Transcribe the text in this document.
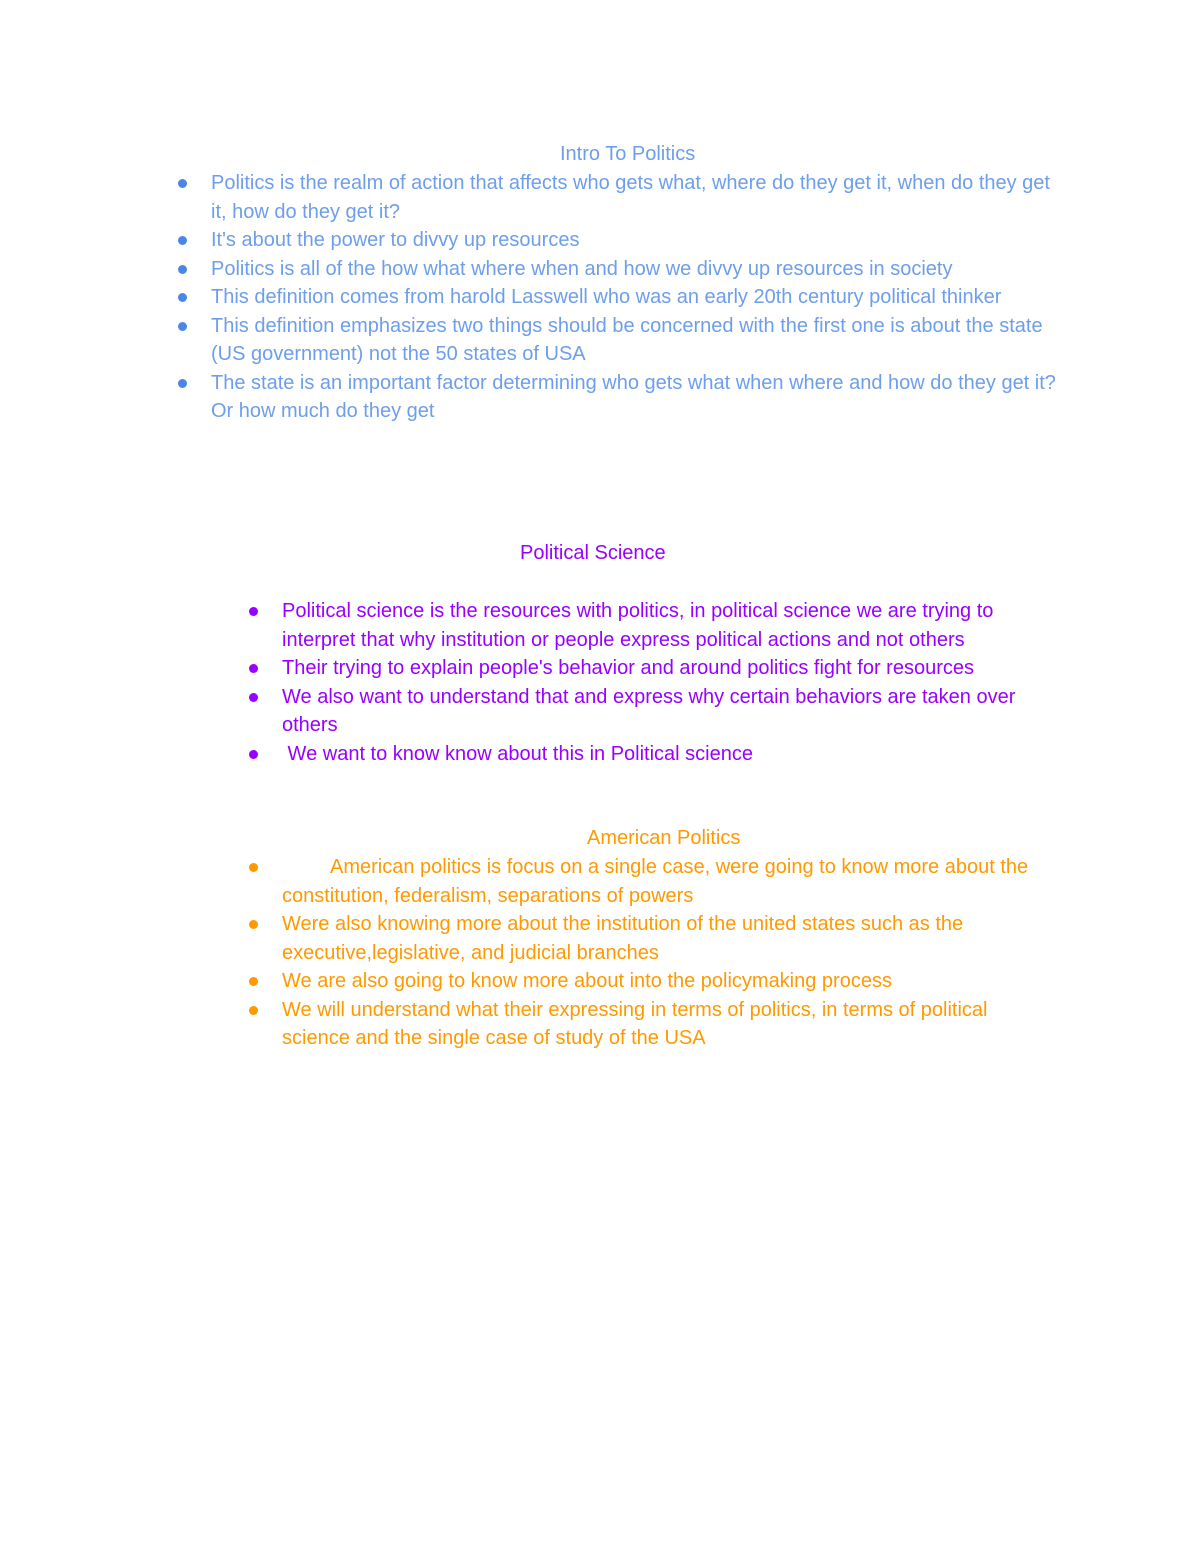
Intro To Politics
Politics is the realm of action that affects who gets what, where do they get it, when do they get it, how do they get it?
It's about the power to divvy up resources
Politics is all of the how what where when and how we divvy up resources in society
This definition comes from harold Lasswell who was an early 20th century political thinker
This definition emphasizes two things should be concerned with the first one is about the state (US government) not the 50 states of USA
The state is an important factor determining who gets what when where and how do they get it? Or how much do they get
Political Science
Political science is the resources with politics, in political science we are trying to interpret that why institution or people express political actions and not others
Their trying to explain people's behavior and around politics fight for resources
We also want to understand that and express why certain behaviors are taken over others
We want to know know about this in Political science
American Politics
American politics is focus on a single case, were going to know more about the constitution, federalism, separations of powers
Were also knowing more about the institution of the united states such as the executive,legislative, and judicial branches
We are also going to know more about into the policymaking process
We will understand what their expressing in terms of politics, in terms of political science and the single case of study of the USA
